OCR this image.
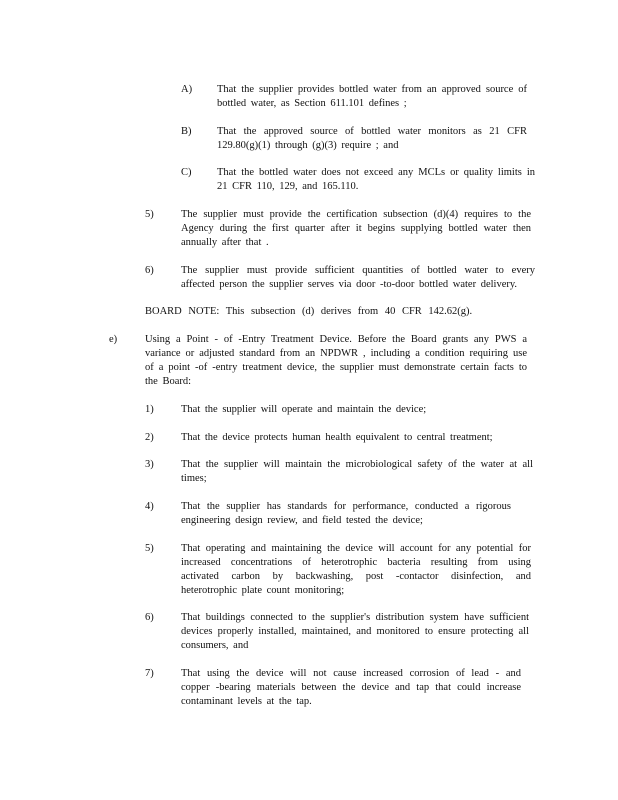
A) That the supplier provides bottled water from an approved source of bottled water, as Section 611.101 defines ;
B) That the approved source of bottled water monitors as 21 CFR 129.80(g)(1) through (g)(3) require ; and
C) That the bottled water does not exceed any MCLs or quality limits in 21 CFR 110, 129, and 165.110.
5)	The supplier must provide the certification subsection (d)(4) requires to the Agency during the first quarter after it begins supplying bottled water then annually after that .
6)	The supplier must provide sufficient quantities of bottled water to every affected person the supplier serves via door -to-door bottled water delivery.
BOARD NOTE: This subsection (d) derives from 40 CFR 142.62(g).
e)	Using a Point - of -Entry Treatment Device. Before the Board grants any PWS a variance or adjusted standard from an NPDWR , including a condition requiring use of a point -of -entry treatment device, the supplier must demonstrate certain facts to the Board:
1)	That the supplier will operate and maintain the device;
2)	That the device protects human health equivalent to central treatment;
3)	That the supplier will maintain the microbiological safety of the water at all times;
4)	That the supplier has standards for performance, conducted a rigorous engineering design review, and field tested the device;
5)	That operating and maintaining the device will account for any potential for increased concentrations of heterotrophic bacteria resulting from using activated carbon by backwashing, post -contactor disinfection, and heterotrophic plate count monitoring;
6)	That buildings connected to the supplier's distribution system have sufficient devices properly installed, maintained, and monitored to ensure protecting all consumers, and
7)	That using the device will not cause increased corrosion of lead - and copper -bearing materials between the device and tap that could increase contaminant levels at the tap.
